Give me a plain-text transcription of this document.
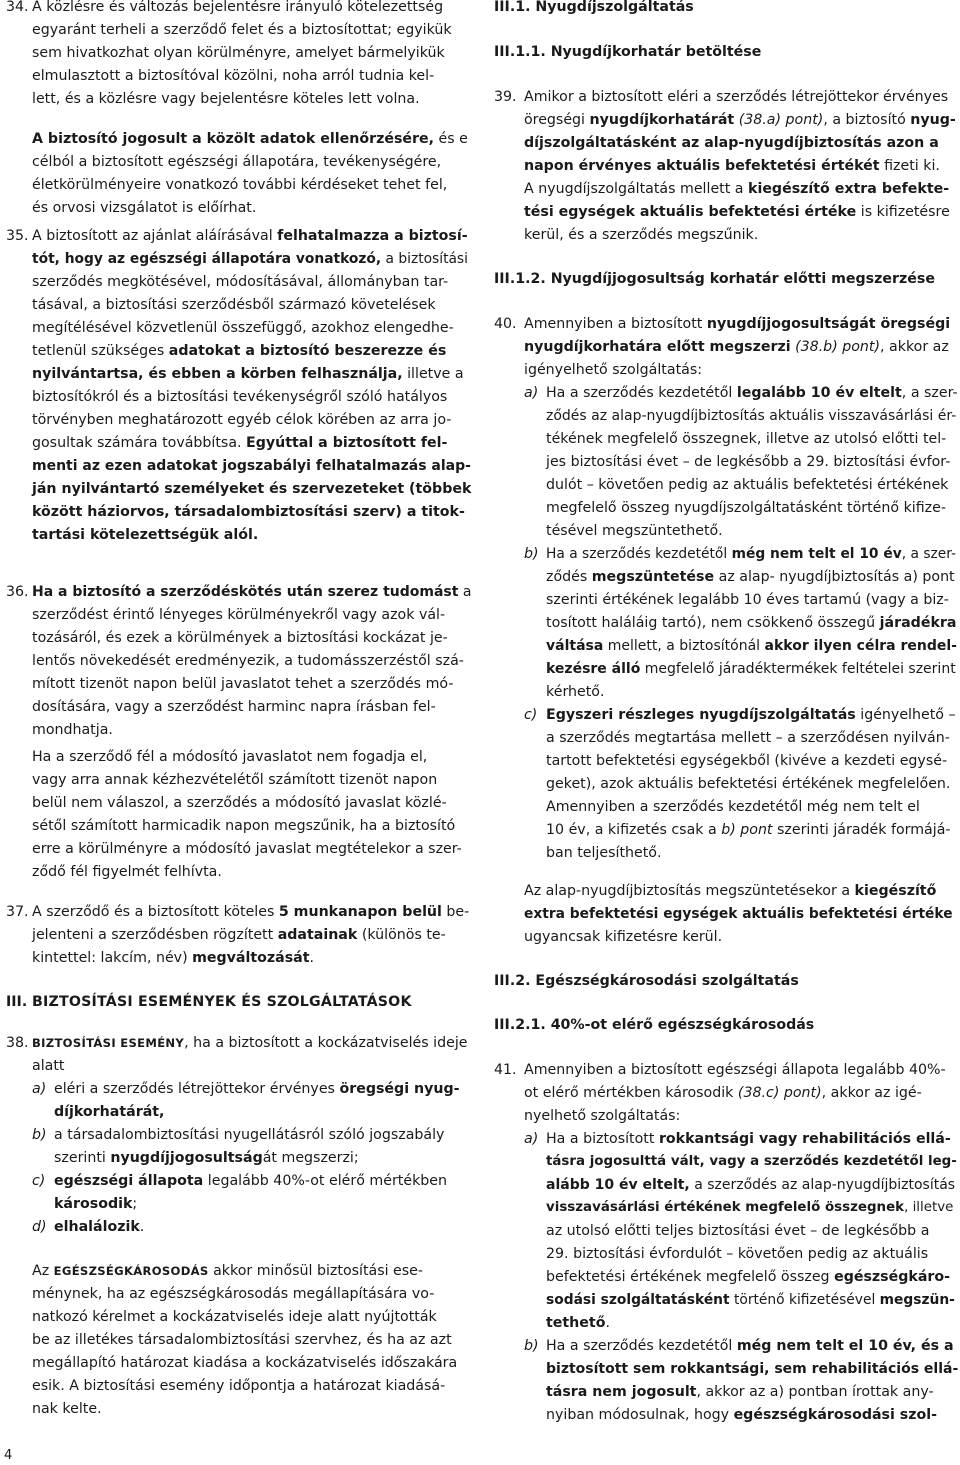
34. A közlésre és változás bejelentésre irányuló kötelezettség
egyaránt terheli a szerződő felet és a biztosítottat; egyikük
sem hivatkozhat olyan körülményre, amelyet bármelyikük
elmulasztott a biztosítóval közölni, noha arról tudnia kel-
lett, és a közlésre vagy bejelentésre köteles lett volna.
A biztosító jogosult a közölt adatok ellenőrzésére, és e
célból a biztosított egészségi állapotára, tevékenységére,
életkörülményeire vonatkozó további kérdéseket tehet fel,
és orvosi vizsgálatot is előírhat.
35. A biztosított az ajánlat aláírásával felhatalmazza a biztosí-
tót, hogy az egészségi állapotára vonatkozó, a biztosítási
szerződés megkötésével, módosításával, állományban tar-
tásával, a biztosítási szerződésből származó követelések
megítélésével közvetlenül összefüggő, azokhoz elengedhe-
tetlenül szükséges adatokat a biztosító beszerezze és
nyilvántartsa, és ebben a körben felhasználja, illetve a
biztosítókról és a biztosítási tevékenységről szóló hatályos
törvényben meghatározott egyéb célok körében az arra jo-
gosultak számára továbbítsa. Egyúttal a biztosított fel-
menti az ezen adatokat jogszabályi felhatalmazás alap-
ján nyilvántartó személyeket és szervezeteket (többek
között háziorvos, társadalombiztosítási szerv) a titok-
tartási kötelezettségük alól.
36. Ha a biztosító a szerződéskötés után szerez tudomást a
szerződést érintő lényeges körülményekről vagy azok vál-
tozásáról, és ezek a körülmények a biztosítási kockázat je-
lentős növekedését eredményezik, a tudomásszerzéstől szá-
mított tizenöt napon belül javaslatot tehet a szerződés mó-
dosítására, vagy a szerződést harminc napra írásban fel-
mondhatja.
Ha a szerződő fél a módosító javaslatot nem fogadja el,
vagy arra annak kézhezvételétől számított tizenöt napon
belül nem válaszol, a szerződés a módosító javaslat közlé-
sétől számított harmicadik napon megszűnik, ha a biztosító
erre a körülményre a módosító javaslat megtételekor a szer-
ződő fél figyelmét felhívta.
37. A szerződő és a biztosított köteles 5 munkanapon belül be-
jelenteni a szerződésben rögzített adatainak (különös te-
kintettel: lakcím, név) megváltozását.
III. BIZTOSÍTÁSI ESEMÉNYEK ÉS SZOLGÁLTATÁSOK
38. BIZTOSÍTÁSI ESEMÉNY, ha a biztosított a kockázatviselés ideje
alatt
a) eléri a szerződés létrejöttekor érvényes öregségi nyug-
díjkorhatárát,
b) a társadalombiztosítási nyugellátásról szóló jogszabály
szerinti nyugdíjjogosultságát megszerzi;
c) egészségi állapota legalább 40%-ot elérő mértékben
károsodik;
d) elhalálozik.
Az EGÉSZSÉGKÁROSODÁS akkor minősül biztosítási ese-
ménynek, ha az egészségkárosodás megállapítására vo-
natkozó kérelmet a kockázatviselés ideje alatt nyújtották
be az illetékes társadalombiztosítási szervhez, és ha az azt
megállapító határozat kiadása a kockázatviselés időszakára
esik. A biztosítási esemény időpontja a határozat kiadásá-
nak kelte.
III.1. Nyugdíjszolgáltatás
III.1.1. Nyugdíjkorhatár betöltése
39. Amikor a biztosított eléri a szerződés létrejöttekor érvényes
öregségi nyugdíjkorhatárát (38.a) pont), a biztosító nyug-
díjszolgáltatásként az alap-nyugdíjbiztosítás azon a
napon érvényes aktuális befektetési értékét fizeti ki.
A nyugdíjszolgáltatás mellett a kiegészítő extra befekte-
tési egységek aktuális befektetési értéke is kifizetésre
kerül, és a szerződés megszűnik.
III.1.2. Nyugdíjjogosultság korhatár előtti megszerzése
40. Amennyiben a biztosított nyugdíjjogosultságát öregségi
nyugdíjkorhatára előtt megszerzi (38.b) pont), akkor az
igényelhető szolgáltatás:
a) Ha a szerződés kezdetétől legalább 10 év eltelt, a szer-
ződés az alap-nyugdíjbiztosítás aktuális visszavásárlási ér-
tékének megfelelő összegnek, illetve az utolsó előtti tel-
jes biztosítási évet – de legkésőbb a 29. biztosítási évfor-
dulót – követően pedig az aktuális befektetési értékének
megfelelő összeg nyugdíjszolgáltatásként történő kifize-
tésével megszüntethető.
b) Ha a szerződés kezdetétől még nem telt el 10 év, a szer-
ződés megszüntetése az alap- nyugdíjbiztosítás a) pont
szerinti értékének legalább 10 éves tartamú (vagy a biz-
tosított haláláig tartó), nem csökkenő összegű járadékra
váltása mellett, a biztosítónál akkor ilyen célra rendel-
kezésre álló megfelelő járadéktermékek feltételei szerint
kérhető.
c) Egyszeri részleges nyugdíjszolgáltatás igényelhető –
a szerződés megtartása mellett – a szerződésen nyilván-
tartott befektetési egységekből (kivéve a kezdeti egysé-
geket), azok aktuális befektetési értékének megfelelően.
Amennyiben a szerződés kezdetétől még nem telt el
10 év, a kifizetés csak a b) pont szerinti járadék formájá-
ban teljesíthető.
Az alap-nyugdíjbiztosítás megszüntetésekor a kiegészítő
extra befektetési egységek aktuális befektetési értéke
ugyancsak kifizetésre kerül.
III.2. Egészségkárosodási szolgáltatás
III.2.1. 40%-ot elérő egészségkárosodás
41. Amennyiben a biztosított egészségi állapota legalább 40%-
ot elérő mértékben károsodik (38.c) pont), akkor az igé-
nyelhető szolgáltatás:
a) Ha a biztosított rokkantsági vagy rehabilitációs ellá-
tásra jogosulttá vált, vagy a szerződés kezdetétől leg-
alább 10 év eltelt, a szerződés az alap-nyugdíjbiztosítás
visszavásárlási értékének megfelelő összegnek, illetve
az utolsó előtti teljes biztosítási évet – de legkésőbb a
29. biztosítási évfordulót – követően pedig az aktuális
befektetési értékének megfelelő összeg egészségkáro-
sodási szolgáltatásként történő kifizetésével megszün-
tethető.
b) Ha a szerződés kezdetétől még nem telt el 10 év, és a
biztosított sem rokkantsági, sem rehabilitációs ellá-
tásra nem jogosult, akkor az a) pontban írottak any-
nyiban módosulnak, hogy egészségkárosodási szol-
4
